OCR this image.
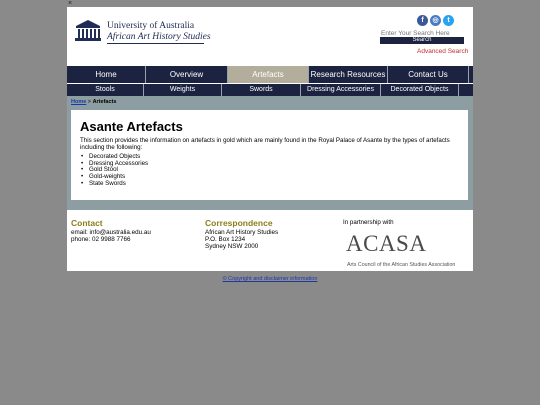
×
University of Australia
African Art History Studies
f	◎	t
Enter Your Search Here
Search
Advanced Search
Home	Overview	Artefacts	Research Resources	Contact Us
Stools	Weights	Swords	Dressing Accessories	Decorated Objects
Home > Artefacts
Asante Artefacts
This section provides the information on artefacts in gold which are mainly found in the Royal Palace of Asante by the types of artefacts including the following:
• Decorated Objects
• Dressing Accessories
• Gold Stool
• Gold-weights
• State Swords
Contact
email: info@australia.edu.au
phone: 02 9988 7766
Correspondence
African Art History Studies
P.O. Box 1234
Sydney NSW 2000
In partnership with
ACASA
Arts Council of the African Studies Association
© Copyright and disclaimer information
